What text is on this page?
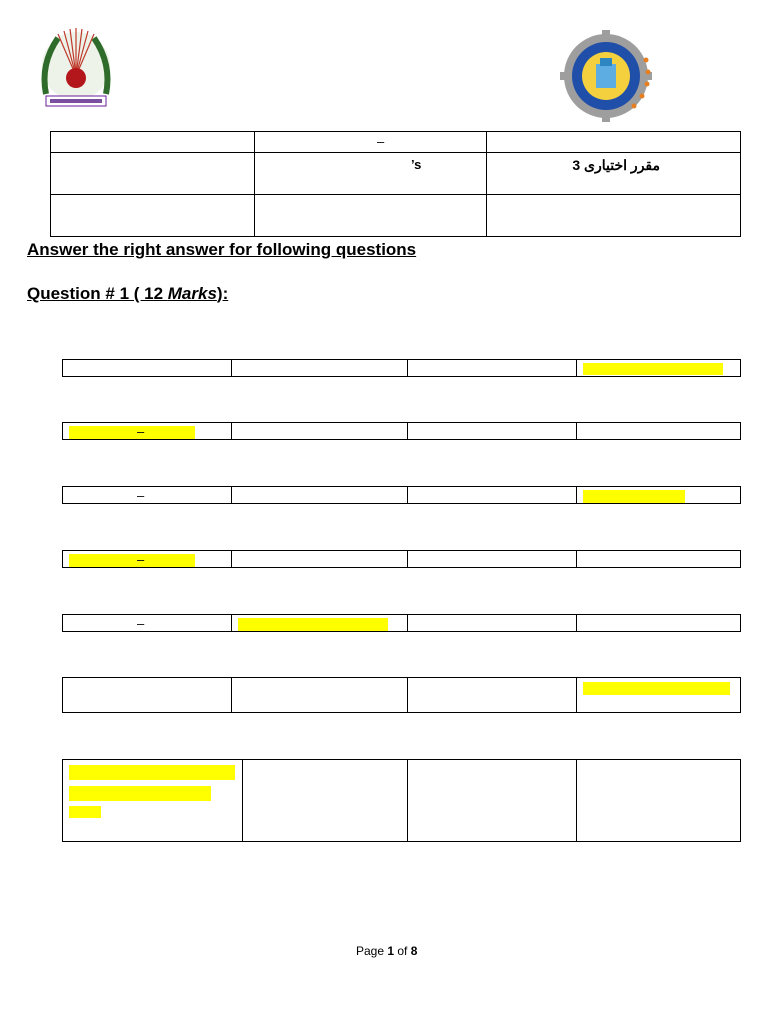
	–	

	’s	مقرر اختيارى 3

Answer the right answer for following questions
Question # 1 ( 12 Marks):

–

–

–

–

Page 1 of 8
